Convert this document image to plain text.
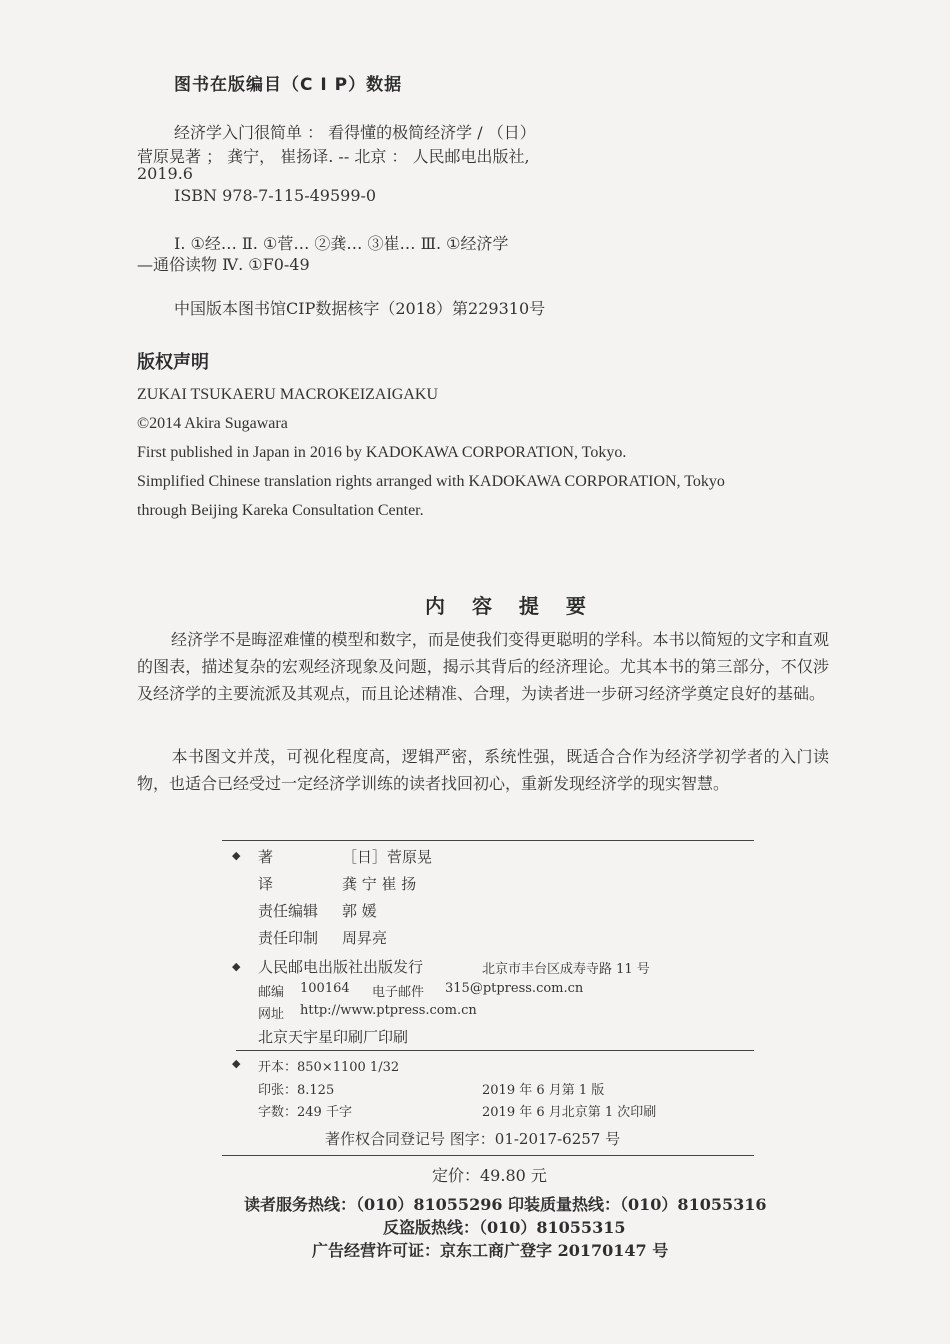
图书在版编目（C I P）数据
经济学入门很简单 ： 看得懂的极简经济学 / （日）
菅原晃著 ； 龚宁， 崔扬译. -- 北京 ： 人民邮电出版社,
2019.6
ISBN 978-7-115-49599-0
Ⅰ. ①经… Ⅱ. ①菅… ②龚… ③崔… Ⅲ. ①经济学
—通俗读物 Ⅳ. ①F0-49
中国版本图书馆CIP数据核字（2018）第229310号
版权声明
ZUKAI TSUKAERU MACROKEIZAIGAKU
©2014 Akira Sugawara
First published in Japan in 2016 by KADOKAWA CORPORATION, Tokyo.
Simplified Chinese translation rights arranged with KADOKAWA CORPORATION, Tokyo
through Beijing Kareka Consultation Center.
内 容 提 要
经济学不是晦涩难懂的模型和数字，而是使我们变得更聪明的学科。本书以简短的文字和直观的图表，描述复杂的宏观经济现象及问题，揭示其背后的经济理论。尤其本书的第三部分，不仅涉及经济学的主要流派及其观点，而且论述精准、合理，为读者进一步研习经济学奠定良好的基础。
本书图文并茂，可视化程度高，逻辑严密，系统性强，既适合合作为经济学初学者的入门读物，也适合已经受过一定经济学训练的读者找回初心，重新发现经济学的现实智慧。
◆ 著	［日］菅原晃
译	龚 宁 崔 扬
责任编辑 郭 媛
责任印制 周昇亮
◆ 人民邮电出版社出版发行	北京市丰台区成寿寺路 11 号
邮编 100164 电子邮件 315@ptpress.com.cn
网址 http://www.ptpress.com.cn
北京天宇星印刷厂印刷
◆ 开本：850×1100 1/32
印张：8.125	2019 年 6 月第 1 版
字数：249 千字	2019 年 6 月北京第 1 次印刷
著作权合同登记号 图字：01-2017-6257 号
定价：49.80 元
读者服务热线：（010）81055296 印装质量热线：（010）81055316
反盗版热线：（010）81055315
广告经营许可证：京东工商广登字 20170147 号
